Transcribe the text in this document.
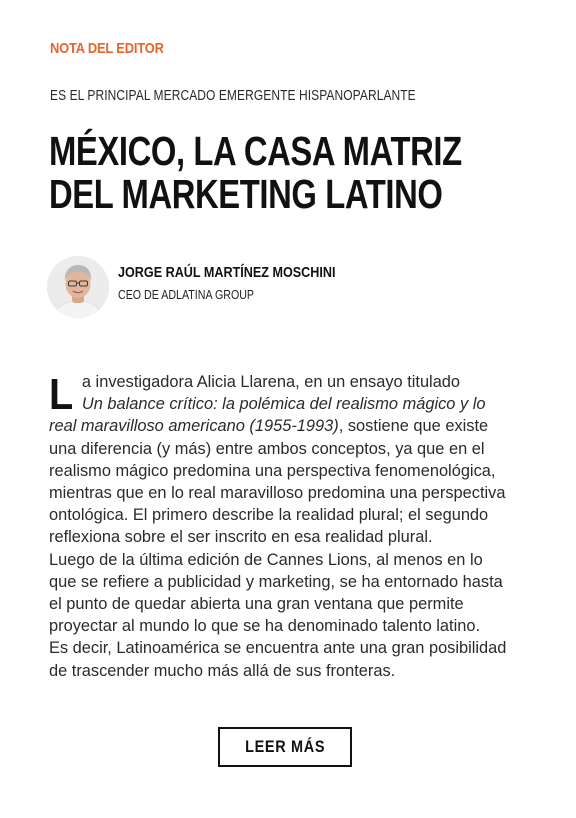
NOTA DEL EDITOR
ES EL PRINCIPAL MERCADO EMERGENTE HISPANOPARLANTE
MÉXICO, LA CASA MATRIZ
DEL MARKETING LATINO
JORGE RAÚL MARTÍNEZ MOSCHINI
CEO DE ADLATINA GROUP
L a investigadora Alicia Llarena, en un ensayo titulado
Un balance crítico: la polémica del realismo mágico y lo
real maravilloso americano (1955-1993), sostiene que existe
una diferencia (y más) entre ambos conceptos, ya que en el
realismo mágico predomina una perspectiva fenomenológica,
mientras que en lo real maravilloso predomina una perspectiva
ontológica. El primero describe la realidad plural; el segundo
reflexiona sobre el ser inscrito en esa realidad plural.
Luego de la última edición de Cannes Lions, al menos en lo
que se refiere a publicidad y marketing, se ha entornado hasta
el punto de quedar abierta una gran ventana que permite
proyectar al mundo lo que se ha denominado talento latino.
Es decir, Latinoamérica se encuentra ante una gran posibilidad
de trascender mucho más allá de sus fronteras.
LEER MÁS
